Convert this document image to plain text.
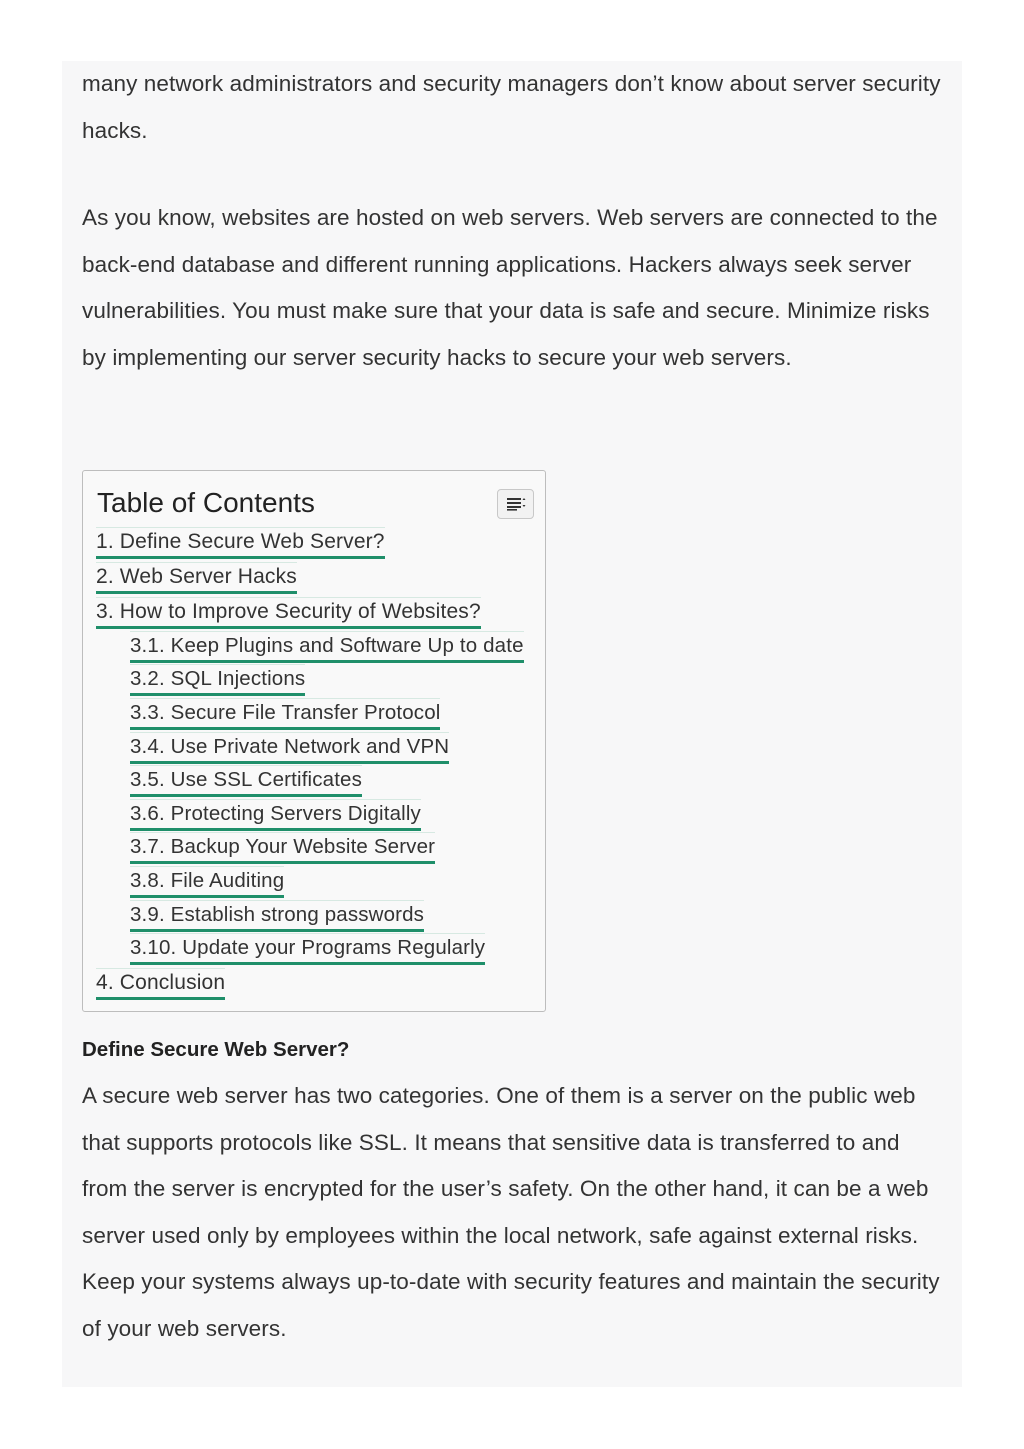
many network administrators and security managers don’t know about server security hacks.

As you know, websites are hosted on web servers. Web servers are connected to the back-end database and different running applications. Hackers always seek server vulnerabilities. You must make sure that your data is safe and secure. Minimize risks by implementing our server security hacks to secure your web servers.

Table of Contents
1. Define Secure Web Server?
2. Web Server Hacks
3. How to Improve Security of Websites?
3.1. Keep Plugins and Software Up to date
3.2. SQL Injections
3.3. Secure File Transfer Protocol
3.4. Use Private Network and VPN
3.5. Use SSL Certificates
3.6. Protecting Servers Digitally
3.7. Backup Your Website Server
3.8. File Auditing
3.9. Establish strong passwords
3.10. Update your Programs Regularly
4. Conclusion
Define Secure Web Server?

A secure web server has two categories. One of them is a server on the public web that supports protocols like SSL. It means that sensitive data is transferred to and from the server is encrypted for the user’s safety. On the other hand, it can be a web server used only by employees within the local network, safe against external risks. Keep your systems always up-to-date with security features and maintain the security of your web servers.
